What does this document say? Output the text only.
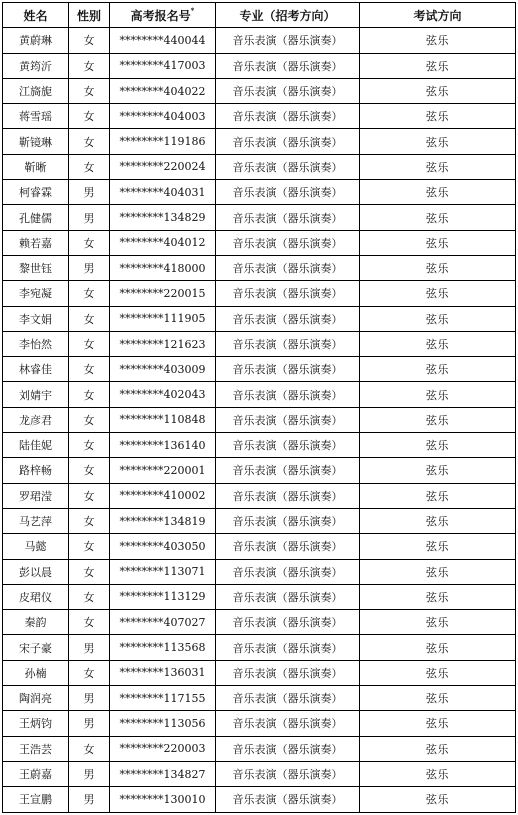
姓名	性别	高考报名号*	专业（招考方向）	考试方向
黄蔚琳	女	********440044	音乐表演（器乐演奏）	弦乐
黄筠沂	女	********417003	音乐表演（器乐演奏）	弦乐
江旖旎	女	********404022	音乐表演（器乐演奏）	弦乐
蒋雪瑶	女	********404003	音乐表演（器乐演奏）	弦乐
靳镜琳	女	********119186	音乐表演（器乐演奏）	弦乐
靳晰	女	********220024	音乐表演（器乐演奏）	弦乐
柯睿霖	男	********404031	音乐表演（器乐演奏）	弦乐
孔健儒	男	********134829	音乐表演（器乐演奏）	弦乐
赖若嘉	女	********404012	音乐表演（器乐演奏）	弦乐
黎世钰	男	********418000	音乐表演（器乐演奏）	弦乐
李宛凝	女	********220015	音乐表演（器乐演奏）	弦乐
李文娟	女	********111905	音乐表演（器乐演奏）	弦乐
李怡然	女	********121623	音乐表演（器乐演奏）	弦乐
林睿佳	女	********403009	音乐表演（器乐演奏）	弦乐
刘婧宇	女	********402043	音乐表演（器乐演奏）	弦乐
龙彦君	女	********110848	音乐表演（器乐演奏）	弦乐
陆佳妮	女	********136140	音乐表演（器乐演奏）	弦乐
路梓畅	女	********220001	音乐表演（器乐演奏）	弦乐
罗珺滢	女	********410002	音乐表演（器乐演奏）	弦乐
马艺萍	女	********134819	音乐表演（器乐演奏）	弦乐
马懿	女	********403050	音乐表演（器乐演奏）	弦乐
彭以晨	女	********113071	音乐表演（器乐演奏）	弦乐
皮珺仪	女	********113129	音乐表演（器乐演奏）	弦乐
秦韵	女	********407027	音乐表演（器乐演奏）	弦乐
宋子豪	男	********113568	音乐表演（器乐演奏）	弦乐
孙楠	女	********136031	音乐表演（器乐演奏）	弦乐
陶润亮	男	********117155	音乐表演（器乐演奏）	弦乐
王炳钧	男	********113056	音乐表演（器乐演奏）	弦乐
王浩芸	女	********220003	音乐表演（器乐演奏）	弦乐
王蔚嘉	男	********134827	音乐表演（器乐演奏）	弦乐
王宣鹏	男	********130010	音乐表演（器乐演奏）	弦乐
